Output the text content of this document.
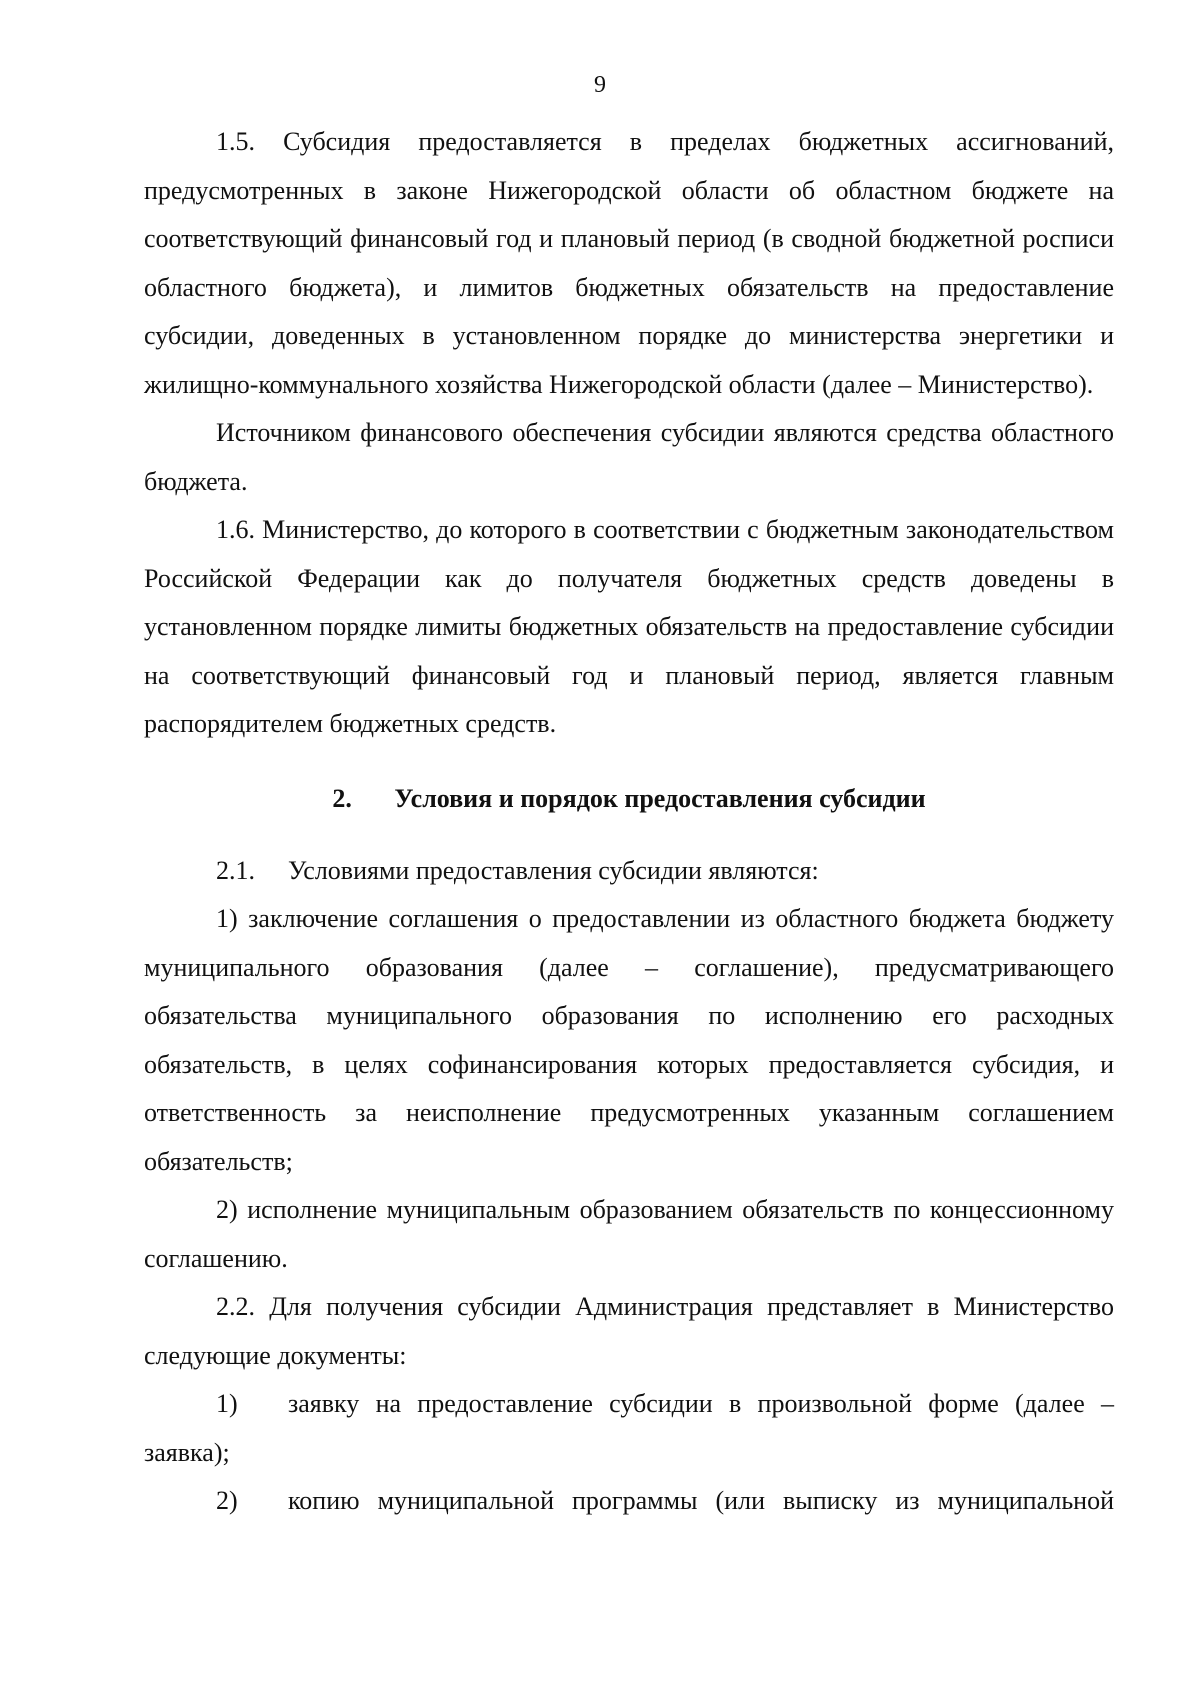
9

1.5. Субсидия предоставляется в пределах бюджетных ассигнований, предусмотренных в законе Нижегородской области об областном бюджете на соответствующий финансовый год и плановый период (в сводной бюджетной росписи областного бюджета), и лимитов бюджетных обязательств на предоставление субсидии, доведенных в установленном порядке до министерства энергетики и жилищно-коммунального хозяйства Нижегородской области (далее – Министерство).

Источником финансового обеспечения субсидии являются средства областного бюджета.

1.6. Министерство, до которого в соответствии с бюджетным законодательством Российской Федерации как до получателя бюджетных средств доведены в установленном порядке лимиты бюджетных обязательств на предоставление субсидии на соответствующий финансовый год и плановый период, является главным распорядителем бюджетных средств.

2. Условия и порядок предоставления субсидии

2.1. Условиями предоставления субсидии являются:

1) заключение соглашения о предоставлении из областного бюджета бюджету муниципального образования (далее – соглашение), предусматривающего обязательства муниципального образования по исполнению его расходных обязательств, в целях софинансирования которых предоставляется субсидия, и ответственность за неисполнение предусмотренных указанным соглашением обязательств;

2) исполнение муниципальным образованием обязательств по концессионному соглашению.

2.2. Для получения субсидии Администрация представляет в Министерство следующие документы:

1) заявку на предоставление субсидии в произвольной форме (далее – заявка);

2) копию муниципальной программы (или выписку из муниципальной
